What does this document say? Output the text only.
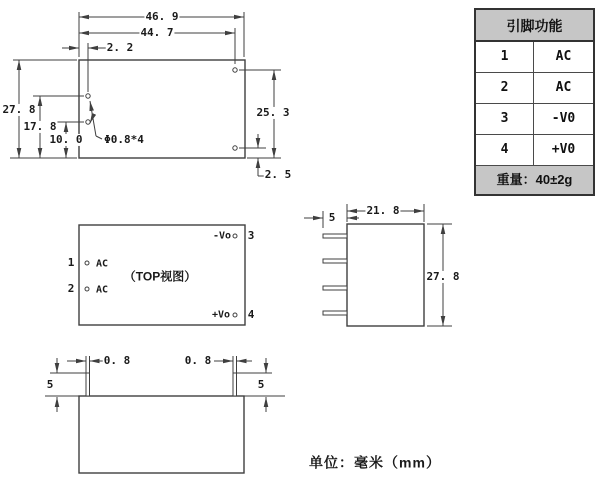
46. 9
44. 7
2. 2
27. 8
17. 8
10. 0
25. 3
2. 5
Φ0.8*4
21. 8
5
27. 8
0. 8	0. 8
5	5
1
2
AC
AC
-Vo
+Vo
3
4
（TOP视图）
引脚功能
1	AC
2	AC
3	-V0
4	+V0
重量：40±2g
单位：毫米（mm）
